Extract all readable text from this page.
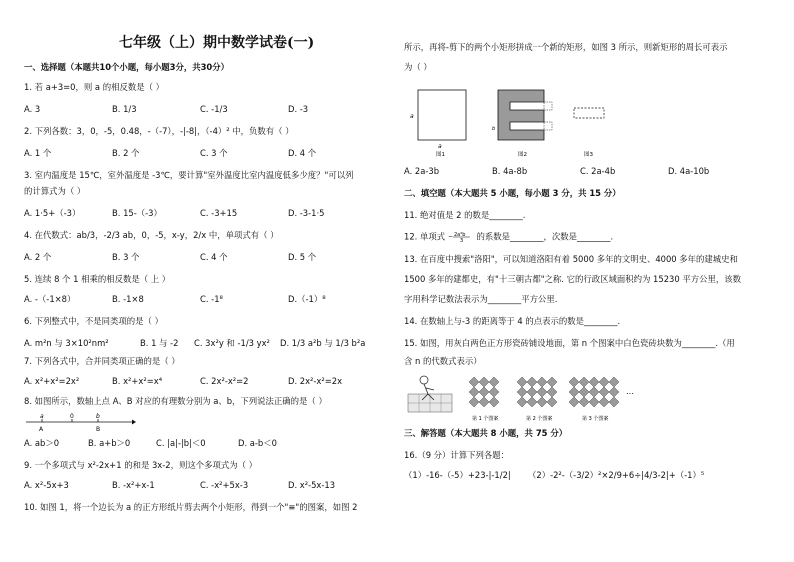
七年级（上）期中数学试卷(一)
一、选择题（本题共10个小题，每小题3分，共30分）
1. 若 a+3=0，则 a 的相反数是（ ）
A. 3	B. 1/3	C. -1/3	D. -3
2. 下列各数：3，0，-5，0.48，-（-7），-|-8|，（-4）² 中，负数有（ ）
A. 1 个	B. 2 个	C. 3 个	D. 4 个
3. 室内温度是 15℃，室外温度是 -3℃，要计算"室外温度比室内温度低多少度？"可以列
的计算式为（ ）
A. 1·5+（-3）	B. 15-（-3）	C. -3+15	D. -3-1·5
4. 在代数式：ab/3，-2/3 ab，0，-5，x-y，2/x 中，单项式有（ ）
A. 2 个	B. 3 个	C. 4 个	D. 5 个
5. 连续 8 个 1 相乘的相反数是（ 上 ）
A. -（-1×8）	B. -1×8	C. -1⁸	D.（-1）⁸
6. 下列整式中，不是同类项的是（ ）
A. m²n 与 3×10²nm²	B. 1 与 -2 C. 3x²y 和 -1/3 yx² D. 1/3 a²b 与 1/3 b²a
7. 下列各式中，合并同类项正确的是（ ）
A. x²+x²=2x²	B. x²+x²=x⁴	C. 2x²-x²=2	D. 2x²-x²=2x
8. 如图所示，数轴上点 A、B 对应的有理数分别为 a、b，下列说法正确的是（ ）
a	0	b
A	B
A. ab＞0	B. a+b＞0	C. |a|-|b|＜0	D. a-b＜0
9. 一个多项式与 x²-2x+1 的和是 3x-2，则这个多项式为（ ）
A. x²-5x+3	B. -x²+x-1	C. -x²+5x-3	D. x²-5x-13
10. 如图 1，将一个边长为 a 的正方形纸片剪去两个小矩形，得到一个"≡"的图案，如图 2
所示，再将-剪下的两个小矩形拼成一个新的矩形，如图 3 所示，则新矩形的周长可表示
为（ ）
a
a
图1
b
图2	图3
A. 2a-3b	B. 4a-8b	C. 2a-4b	D. 4a-10b
二、填空题（本大题共 5 小题，每小题 3 分，共 15 分）
11. 绝对值是 2 的数是________.
12. 单项式 − 2a²b
3 的系数是________，次数是________.
13. 在百度中搜索"洛阳"，可以知道洛阳有着 5000 多年的文明史、4000 多年的建城史和
1500 多年的建都史，有"十三朝古都"之称. 它的行政区域面积约为 15230 平方公里，该数
字用科学记数法表示为________平方公里.
14. 在数轴上与-3 的距离等于 4 的点表示的数是________.
15. 如图，用灰白两色正方形瓷砖铺设地面，第 n 个图案中白色瓷砖块数为________.（用
含 n 的代数式表示）
第 1 个图案	第 2 个图案	第 3 个图案
…
三、解答题（本大题共 8 小题，共 75 分）
16.（9 分）计算下列各题：
（1）-16-（-5）+23-|-1/2| （2）-2²-（-3/2）²×2/9+6÷|4/3-2|+（-1）⁵
